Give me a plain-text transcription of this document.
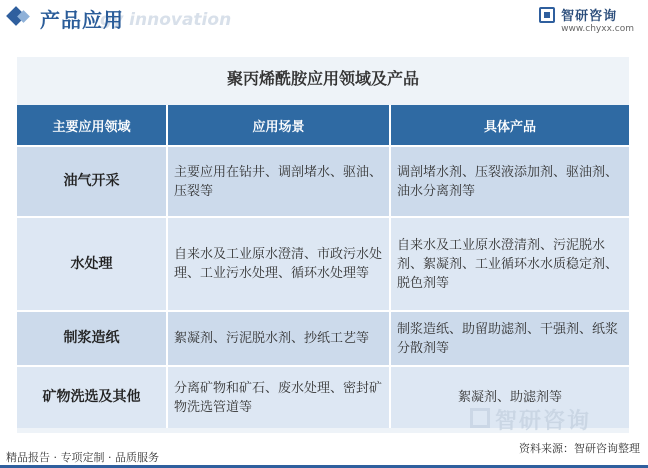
gy innovation
产品应用	智研咨询
www.chyxx.com
聚丙烯酰胺应用领域及产品
主要应用领域	应用场景	具体产品
油气开采	主要应用在钻井、调剖堵水、驱油、压裂等	调剖堵水剂、压裂液添加剂、驱油剂、油水分离剂等
水处理	自来水及工业原水澄清、市政污水处理、工业污水处理、循环水处理等	自来水及工业原水澄清剂、污泥脱水剂、絮凝剂、工业循环水水质稳定剂、脱色剂等
制浆造纸	絮凝剂、污泥脱水剂、抄纸工艺等	制浆造纸、助留助滤剂、干强剂、纸浆分散剂等
矿物洗选及其他	分离矿物和矿石、废水处理、密封矿物洗选管道等	絮凝剂、助滤剂等
智研咨询
资料来源：智研咨询整理
精品报告 · 专项定制 · 品质服务
